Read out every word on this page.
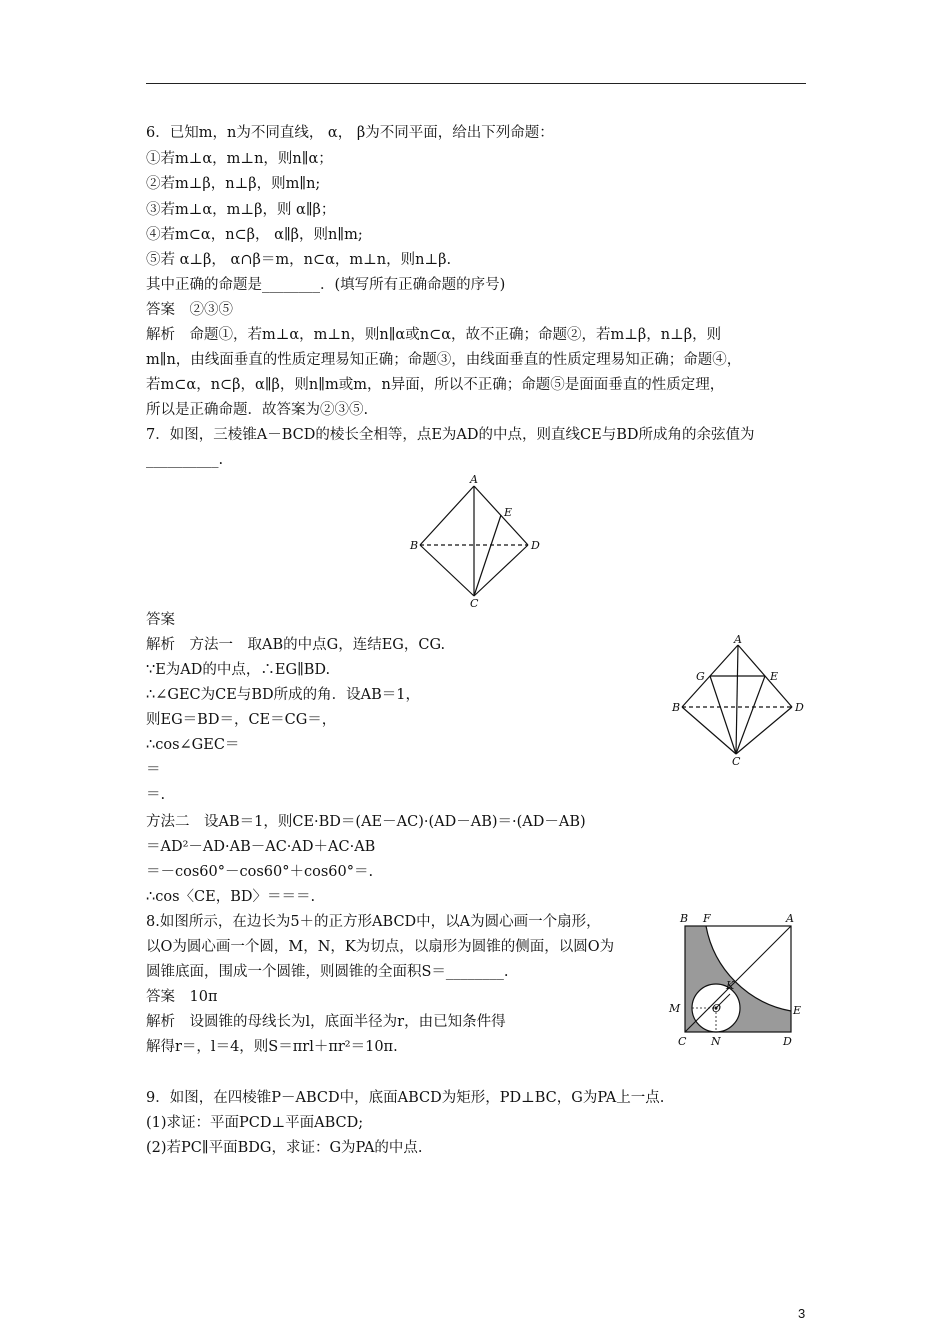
6．已知m，n为不同直线， α， β为不同平面，给出下列命题：
①若m⊥α，m⊥n，则n∥α；
②若m⊥β，n⊥β，则m∥n;
③若m⊥α，m⊥β，则 α∥β；
④若m⊂α，n⊂β， α∥β，则n∥m;
⑤若 α⊥β， α∩β＝m，n⊂α，m⊥n，则n⊥β.
其中正确的命题是________．(填写所有正确命题的序号)
答案　②③⑤
解析　命题①，若m⊥α，m⊥n，则n∥α或n⊂α，故不正确；命题②，若m⊥β，n⊥β，则
m∥n，由线面垂直的性质定理易知正确；命题③，由线面垂直的性质定理易知正确；命题④，
若m⊂α，n⊂β，α∥β，则n∥m或m，n异面，所以不正确；命题⑤是面面垂直的性质定理，
所以是正确命题．故答案为②③⑤.
7．如图，三棱锥A－BCD的棱长全相等，点E为AD的中点，则直线CE与BD所成角的余弦值为
__________.
A
E
B	D
C
答案
解析　方法一　取AB的中点G，连结EG，CG.
∵E为AD的中点，∴EG∥BD.
∴∠GEC为CE与BD所成的角．设AB＝1，
则EG＝BD＝，CE＝CG＝，
∴cos∠GEC＝
＝
＝.
A
G	E
B	D
C
方法二　设AB＝1，则CE·BD＝(AE－AC)·(AD－AB)＝·(AD－AB)
＝AD²－AD·AB－AC·AD＋AC·AB
＝－cos60°－cos60°＋cos60°＝.
∴cos〈CE，BD〉＝＝＝.
8.如图所示，在边长为5＋的正方形ABCD中，以A为圆心画一个扇形，
以O为圆心画一个圆，M，N，K为切点，以扇形为圆锥的侧面，以圆O为
圆锥底面，围成一个圆锥，则圆锥的全面积S＝________.
答案　10π
解析　设圆锥的母线长为l，底面半径为r，由已知条件得
解得r＝，l＝4，则S＝πrl＋πr²＝10π.
B F	A
K
M	O	E
C N	D
9．如图，在四棱锥P－ABCD中，底面ABCD为矩形，PD⊥BC，G为PA上一点.
(1)求证：平面PCD⊥平面ABCD;
(2)若PC∥平面BDG，求证：G为PA的中点.
3
